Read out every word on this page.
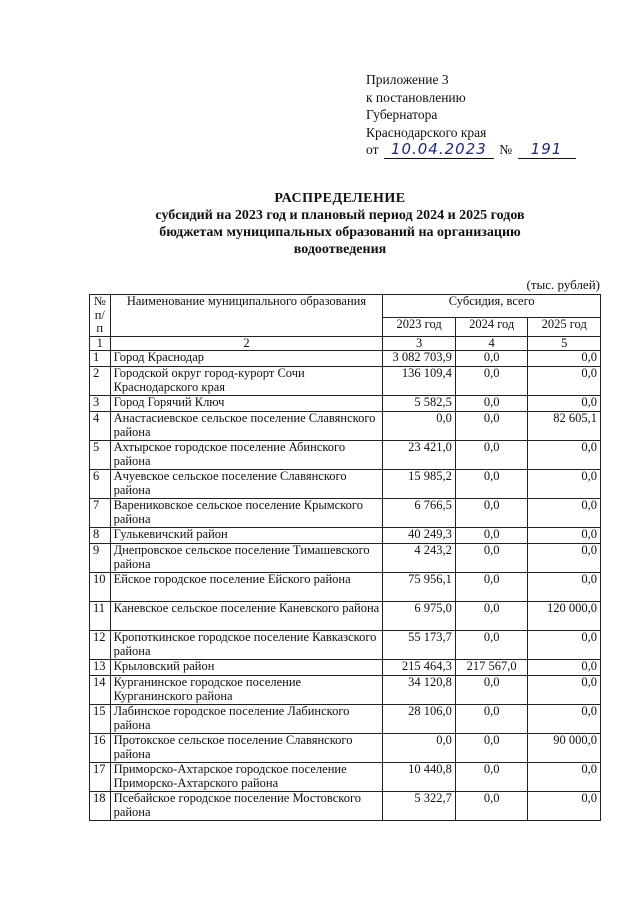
Приложение 3
к постановлению
Губернатора
Краснодарского края
от 10.04.2023 № 191
РАСПРЕДЕЛЕНИЕ
субсидий на 2023 год и плановый период 2024 и 2025 годов
бюджетам муниципальных образований на организацию
водоотведения
(тыс. рублей)
№ п/п	Наименование муниципального образования	Субсидия, всего		
		2023 год	2024 год	2025 год
1	2	3	4	5
1	Город Краснодар	3 082 703,9	0,0	0,0
2	Городской округ город-курорт Сочи Краснодарского края	136 109,4	0,0	0,0
3	Город Горячий Ключ	5 582,5	0,0	0,0
4	Анастасиевское сельское поселение Славянского района	0,0	0,0	82 605,1
5	Ахтырское городское поселение Абинского района	23 421,0	0,0	0,0
6	Ачуевское сельское поселение Славянского района	15 985,2	0,0	0,0
7	Варениковское сельское поселение Крымского района	6 766,5	0,0	0,0
8	Гулькевичский район	40 249,3	0,0	0,0
9	Днепровское сельское поселение Тимашевского района	4 243,2	0,0	0,0
10	Ейское городское поселение Ейского района	75 956,1	0,0	0,0
11	Каневское сельское поселение Каневского района	6 975,0	0,0	120 000,0
12	Кропоткинское городское поселение Кавказского района	55 173,7	0,0	0,0
13	Крыловский район	215 464,3	217 567,0	0,0
14	Курганинское городское поселение Курганинского района	34 120,8	0,0	0,0
15	Лабинское городское поселение Лабинского района	28 106,0	0,0	0,0
16	Протокское сельское поселение Славянского района	0,0	0,0	90 000,0
17	Приморско-Ахтарское городское поселение Приморско-Ахтарского района	10 440,8	0,0	0,0
18	Псебайское городское поселение Мостовского района	5 322,7	0,0	0,0
